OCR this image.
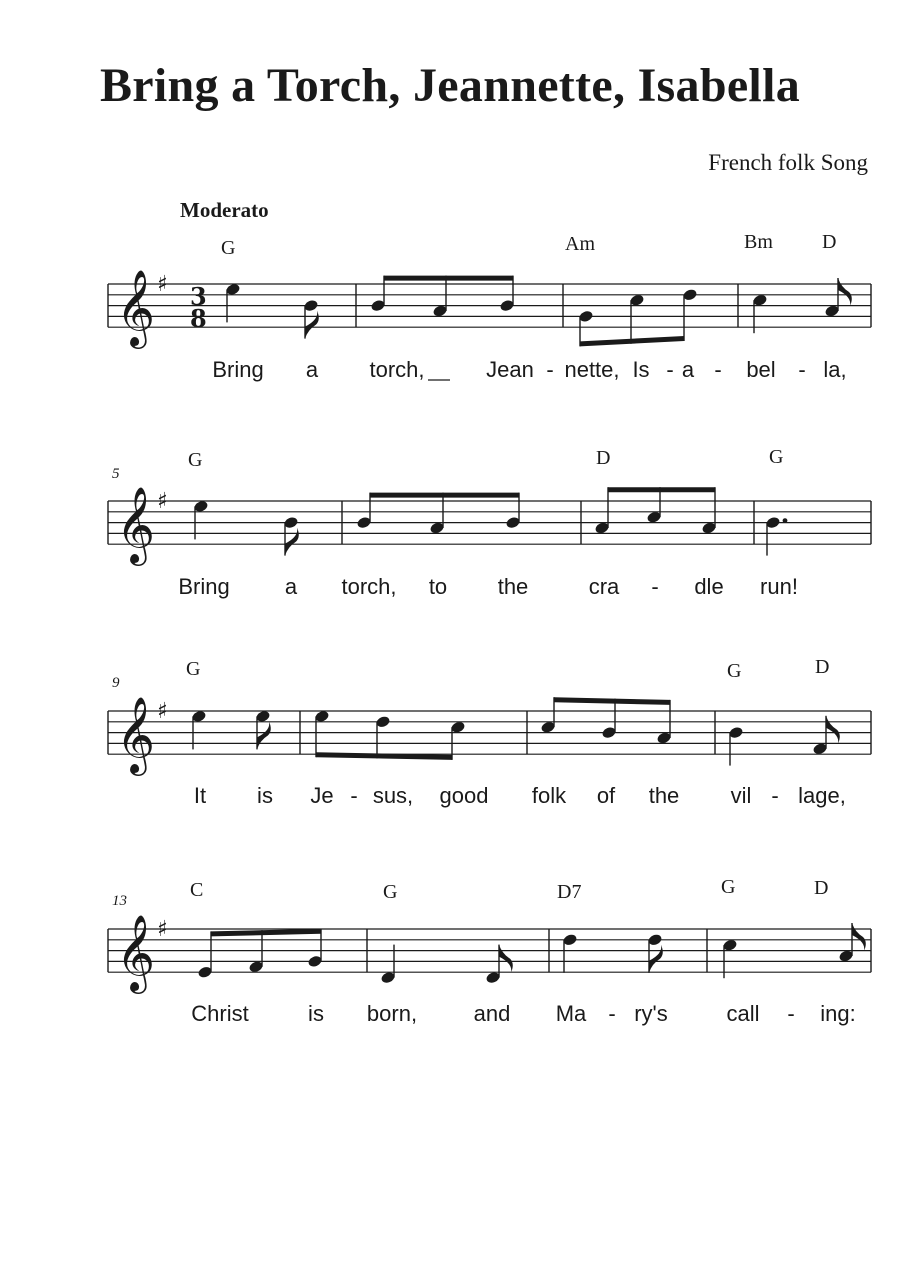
Bring a Torch, Jeannette, Isabella
French folk Song
Moderato
G	Am	Bm D
Bring a torch,	Jean - nette, Is - a - bel - la,
5
G	D	G
Bring	a torch, to the	cra - dle run!
9
G	G	D
It is Je - sus, good folk of the vil - lage,
13	C	G	D7	G	D
Christ	is born,	and Ma - ry's	call - ing:
𝄞 ♯ 3
8
𝄞 ♯
𝄞 ♯
𝄞 ♯
